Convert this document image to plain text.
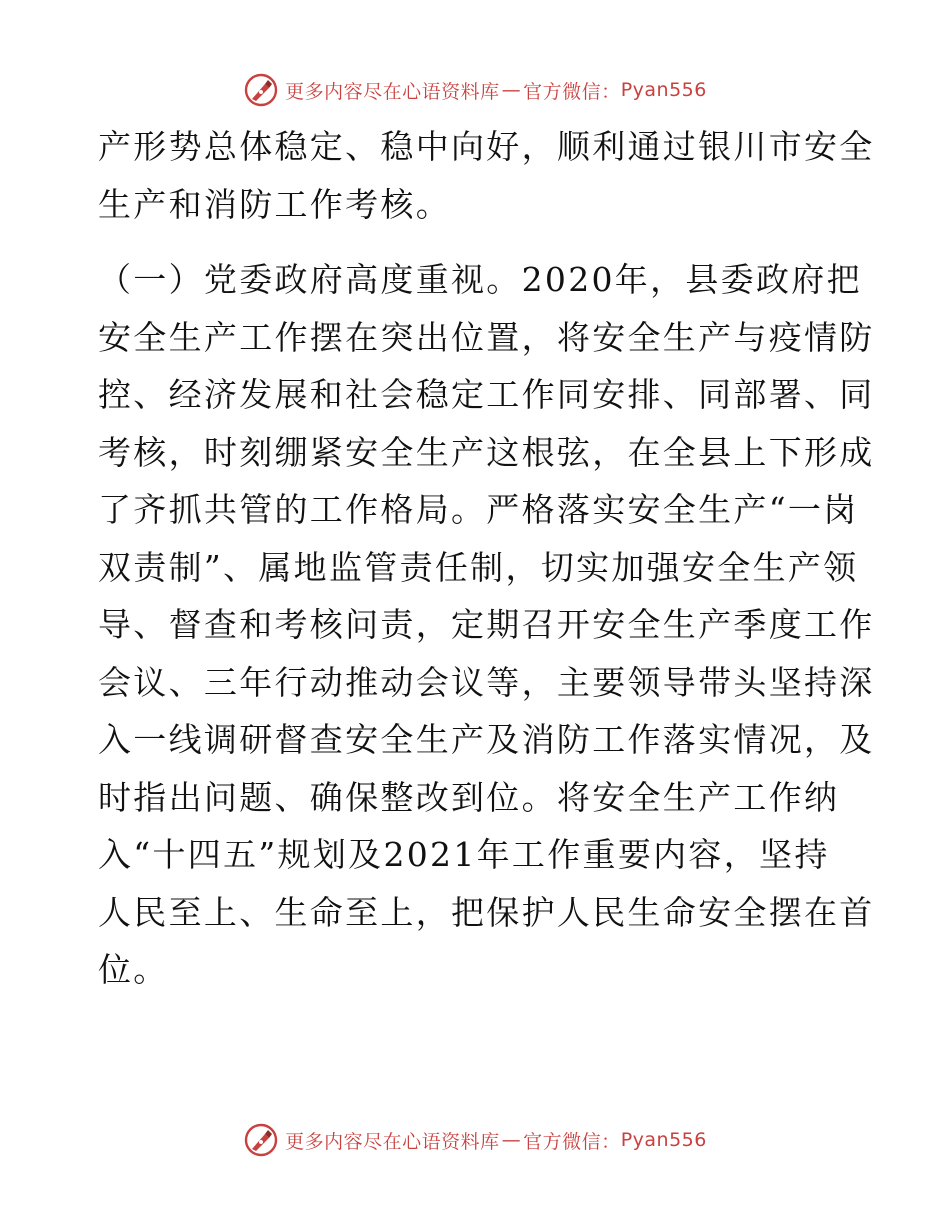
更多内容尽在心语资料库 — 官方微信： Pyan556
产形势总体稳定、稳中向好，顺利通过银川市安全
生产和消防工作考核。
（一）党委政府高度重视。2020年，县委政府把
安全生产工作摆在突出位置，将安全生产与疫情防
控、经济发展和社会稳定工作同安排、同部署、同
考核，时刻绷紧安全生产这根弦，在全县上下形成
了齐抓共管的工作格局。严格落实安全生产“一岗
双责制”、属地监管责任制，切实加强安全生产领
导、督查和考核问责，定期召开安全生产季度工作
会议、三年行动推动会议等，主要领导带头坚持深
入一线调研督查安全生产及消防工作落实情况，及
时指出问题、确保整改到位。将安全生产工作纳
入“十四五”规划及2021年工作重要内容，坚持
人民至上、生命至上，把保护人民生命安全摆在首
位。
更多内容尽在心语资料库 — 官方微信： Pyan556
